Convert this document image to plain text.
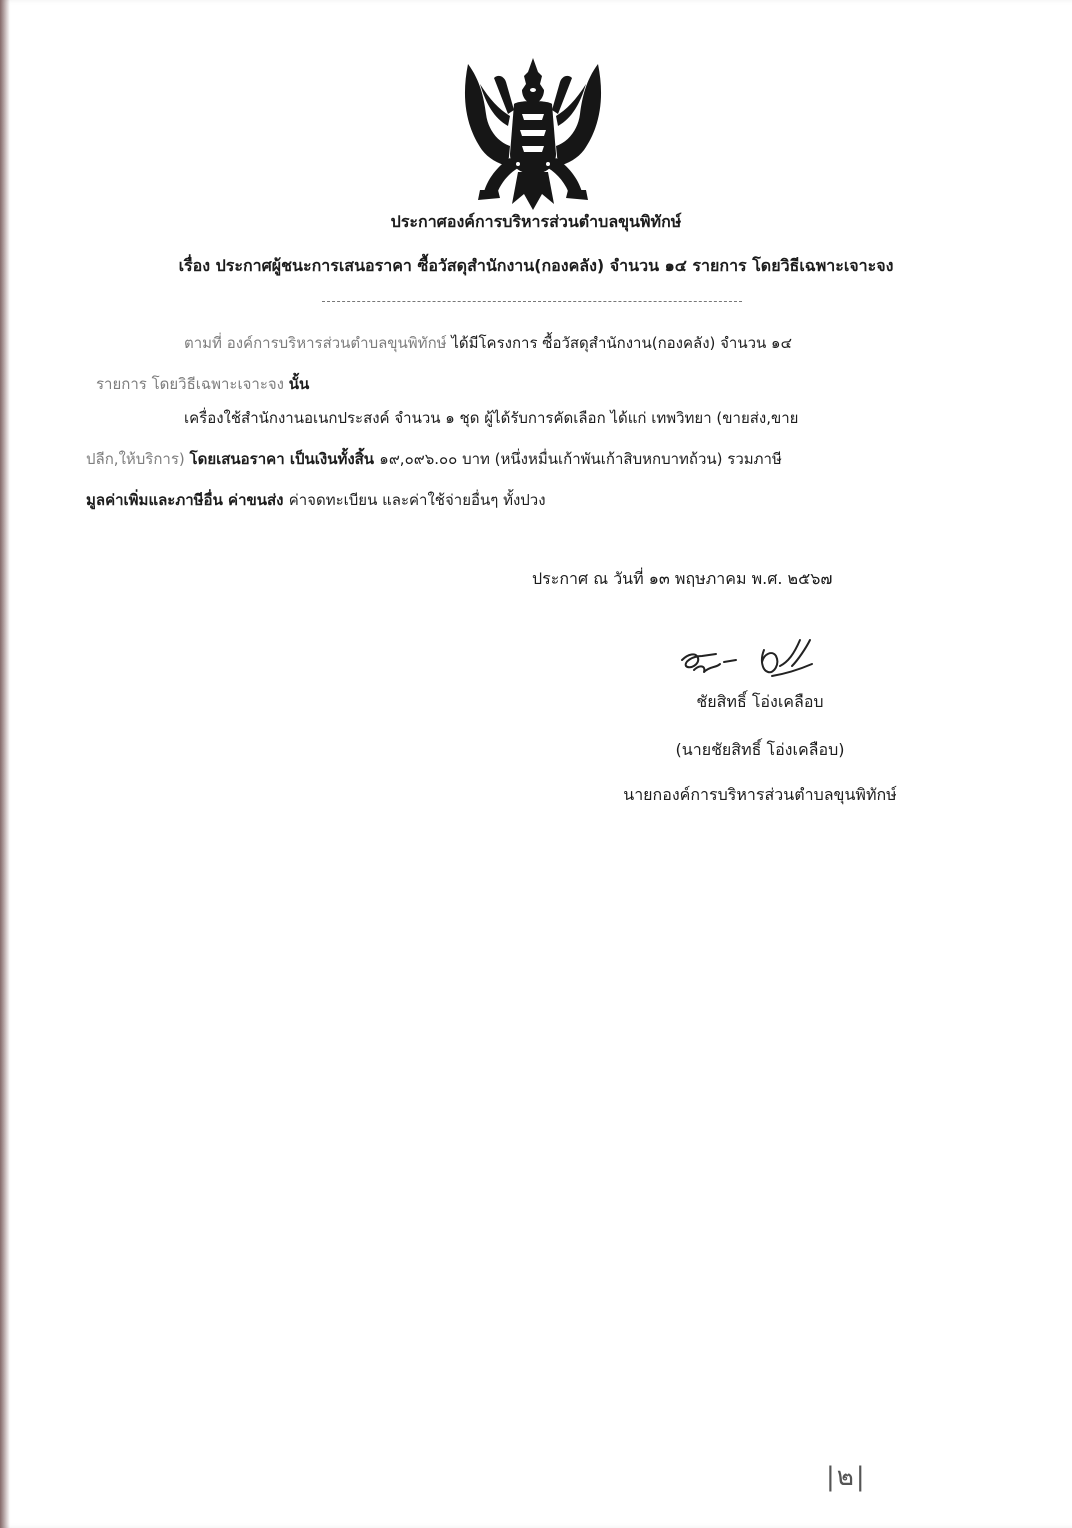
ประกาศองค์การบริหารส่วนตำบลขุนพิทักษ์
เรื่อง ประกาศผู้ชนะการเสนอราคา ซื้อวัสดุสำนักงาน(กองคลัง) จำนวน ๑๔ รายการ โดยวิธีเฉพาะเจาะจง
ตามที่ องค์การบริหารส่วนตำบลขุนพิทักษ์ ได้มีโครงการ ซื้อวัสดุสำนักงาน(กองคลัง) จำนวน ๑๔
รายการ โดยวิธีเฉพาะเจาะจง นั้น
เครื่องใช้สำนักงานอเนกประสงค์ จำนวน ๑ ชุด ผู้ได้รับการคัดเลือก ได้แก่ เทพวิทยา (ขายส่ง,ขาย
ปลีก,ให้บริการ) โดยเสนอราคา เป็นเงินทั้งสิ้น ๑๙,๐๙๖.๐๐ บาท (หนึ่งหมื่นเก้าพันเก้าสิบหกบาทถ้วน) รวมภาษี
มูลค่าเพิ่มและภาษีอื่น ค่าขนส่ง ค่าจดทะเบียน และค่าใช้จ่ายอื่นๆ ทั้งปวง
ประกาศ ณ วันที่ ๑๓ พฤษภาคม พ.ศ. ๒๕๖๗
ชัยสิทธิ์ โอ่งเคลือบ
(นายชัยสิทธิ์ โอ่งเคลือบ)
นายกองค์การบริหารส่วนตำบลขุนพิทักษ์
|๒|
